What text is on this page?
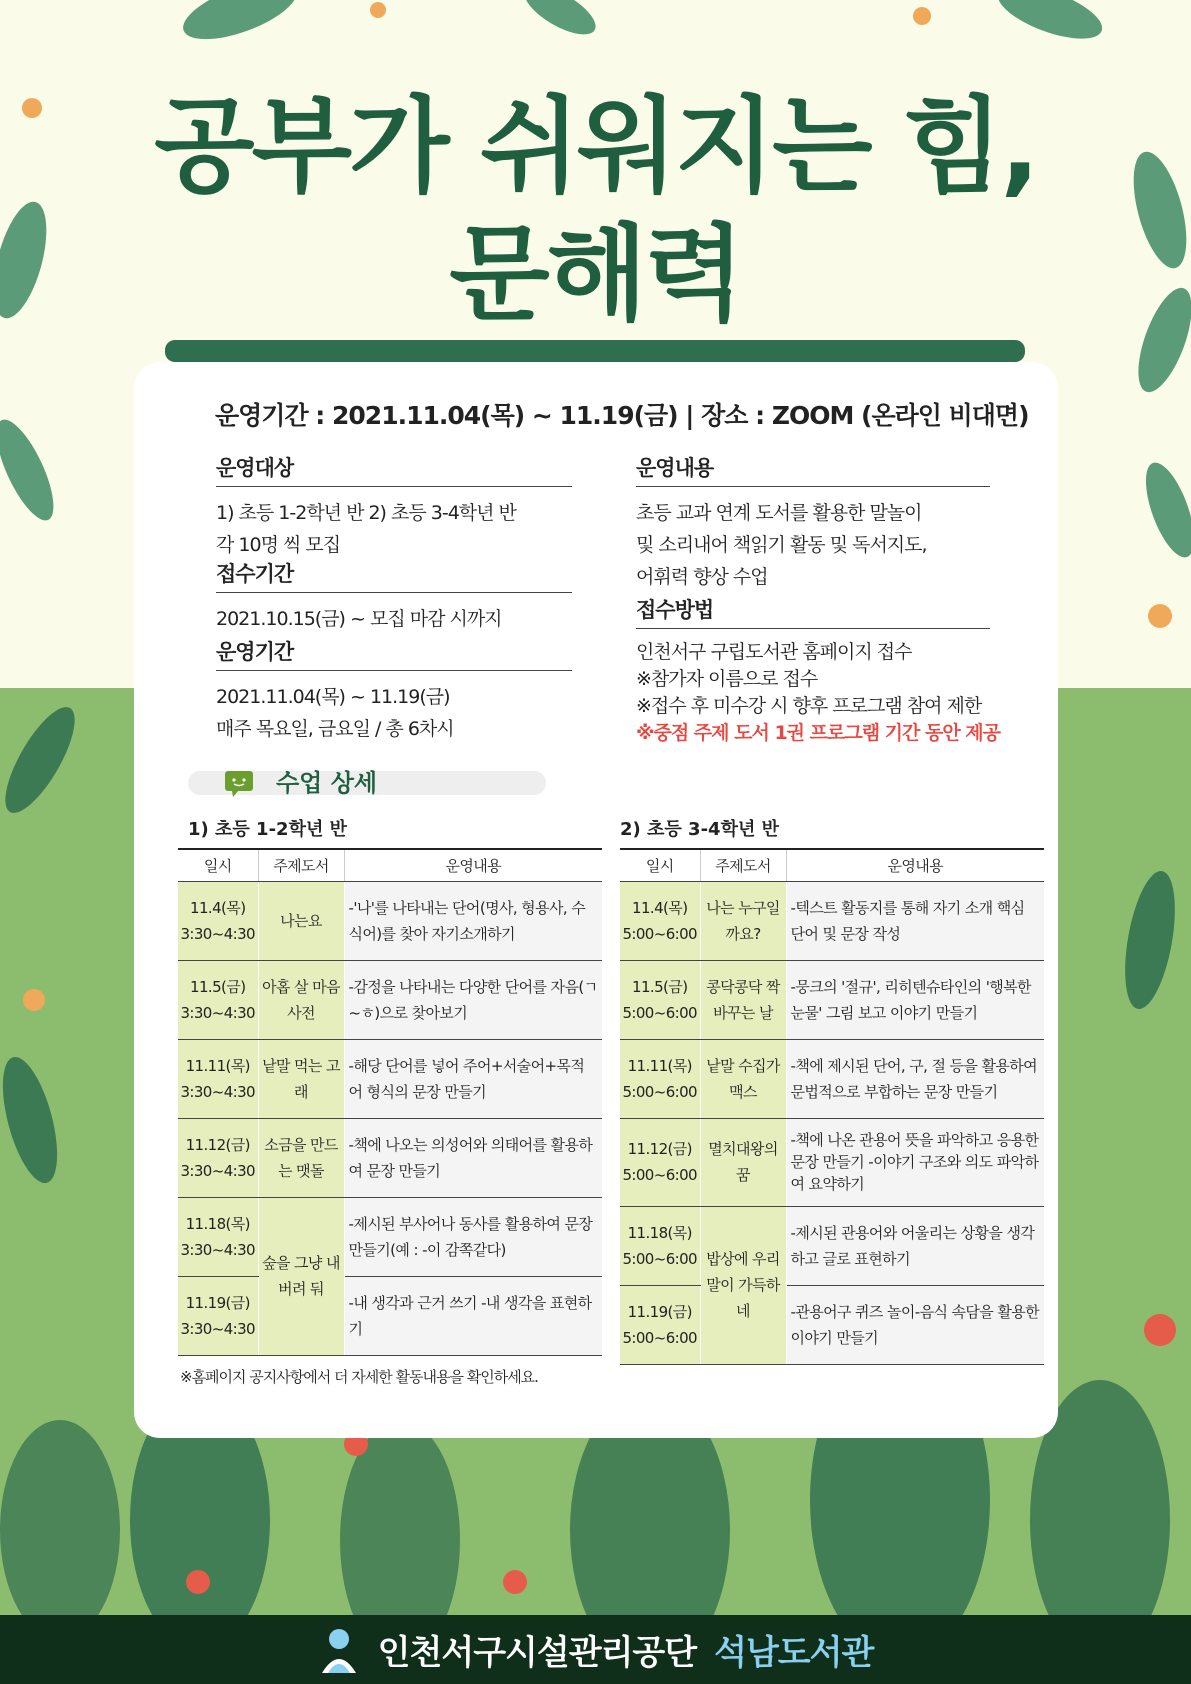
공부가 쉬워지는 힘,
문해력
운영기간 : 2021.11.04(목) ~ 11.19(금) | 장소 : ZOOM (온라인 비대면)
운영대상

1) 초등 1-2학년 반 2) 초등 3-4학년 반

각 10명 씩 모집

접수기간

2021.10.15(금) ~ 모집 마감 시까지

운영기간

2021.11.04(목) ~ 11.19(금)

매주 목요일, 금요일 / 총 6차시

운영내용

초등 교과 연계 도서를 활용한 말놀이

및 소리내어 책읽기 활동 및 독서지도,

어휘력 향상 수업

접수방법

인천서구 구립도서관 홈페이지 접수

※참가자 이름으로 접수

※접수 후 미수강 시 향후 프로그램 참여 제한

※중점 주제 도서 1권 프로그램 기간 동안 제공

수업 상세
1) 초등 1-2학년 반	2) 초등 3-4학년 반
일시	주제도서	운영내용
11.4(목)
3:30~4:30	나는요	-'나'를 나타내는 단어(명사, 형용사, 수식어)를 찾아 자기소개하기
11.5(금)
3:30~4:30	아홉 살 마음 사전	-감정을 나타내는 다양한 단어를 자음(ㄱ~ㅎ)으로 찾아보기
11.11(목)
3:30~4:30	낱말 먹는 고래	-해당 단어를 넣어 주어+서술어+목적어 형식의 문장 만들기
11.12(금)
3:30~4:30	소금을 만드는 맷돌	-책에 나오는 의성어와 의태어를 활용하여 문장 만들기
11.18(목)
3:30~4:30	숲을 그냥 내버려 둬	-제시된 부사어나 동사를 활용하여 문장 만들기(예 : -이 감쪽같다)
11.19(금)
3:30~4:30		-내 생각과 근거 쓰기 -내 생각을 표현하기
일시	주제도서	운영내용
11.4(목)
5:00~6:00	나는 누구일까요?	-텍스트 활동지를 통해 자기 소개 핵심 단어 및 문장 작성
11.5(금)
5:00~6:00	콩닥콩닥 짝 바꾸는 날	-뭉크의 '절규', 리히텐슈타인의 '행복한 눈물' 그림 보고 이야기 만들기
11.11(목)
5:00~6:00	낱말 수집가 맥스	-책에 제시된 단어, 구, 절 등을 활용하여 문법적으로 부합하는 문장 만들기
11.12(금)
5:00~6:00	멸치대왕의 꿈	-책에 나온 관용어 뜻을 파악하고 응용한 문장 만들기 -이야기 구조와 의도 파악하여 요약하기
11.18(목)
5:00~6:00	밥상에 우리말이 가득하네	-제시된 관용어와 어울리는 상황을 생각하고 글로 표현하기
11.19(금)
5:00~6:00		-관용어구 퀴즈 놀이-음식 속담을 활용한 이야기 만들기
※홈페이지 공지사항에서 더 자세한 활동내용을 확인하세요.
인천서구시설관리공단 석남도서관
